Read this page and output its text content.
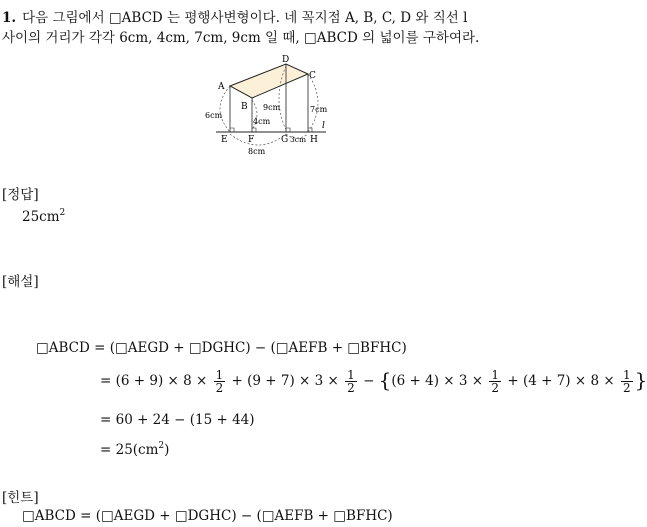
1. 다음 그림에서 □ABCD 는 평행사변형이다. 네 꼭지점 A, B, C, D 와 직선 l
사이의 거리가 각각 6cm, 4cm, 7cm, 9cm 일 때, □ABCD 의 넓이를 구하여라.
A
B
D
C
E F	G H
l
6cm
4cm
9cm	7cm
8cm
3cm
[정답]
$25cm^2$
[해설]
□ABCD = (□AEGD + □DGHC) − (□AEFB + □BFHC)
= $(6 + 9) \times 8 \times \frac{1}{2} + (9 + 7) \times 3 \times \frac{1}{2} - \{(6 + 4) \times 3 \times \frac{1}{2} + (4 + 7) \times 8 \times \frac{1}{2}$ }
= 60 + 24 − (15 + 44)
= $25(cm^2)$
[힌트]
□ABCD = (□AEGD + □DGHC) − (□AEFB + □BFHC)
